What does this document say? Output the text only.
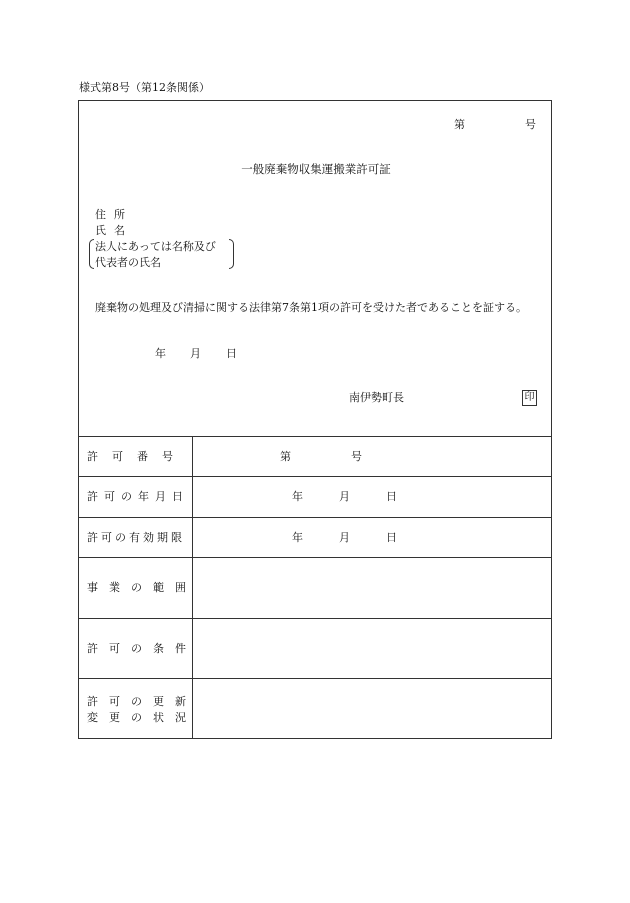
様式第8号（第12条関係）
第	号
一般廃棄物収集運搬業許可証
住所
氏名
法人にあっては名称及び
代表者の氏名
廃棄物の処理及び清掃に関する法律第7条第1項の許可を受けた者であることを証する。
年 月 日
南伊勢町長	印
許可番号	第	号
許可の年月日	年	月	日
許可の有効期限	年	月	日
事業の範囲
許可の条件
許可の更新
変更の状況
